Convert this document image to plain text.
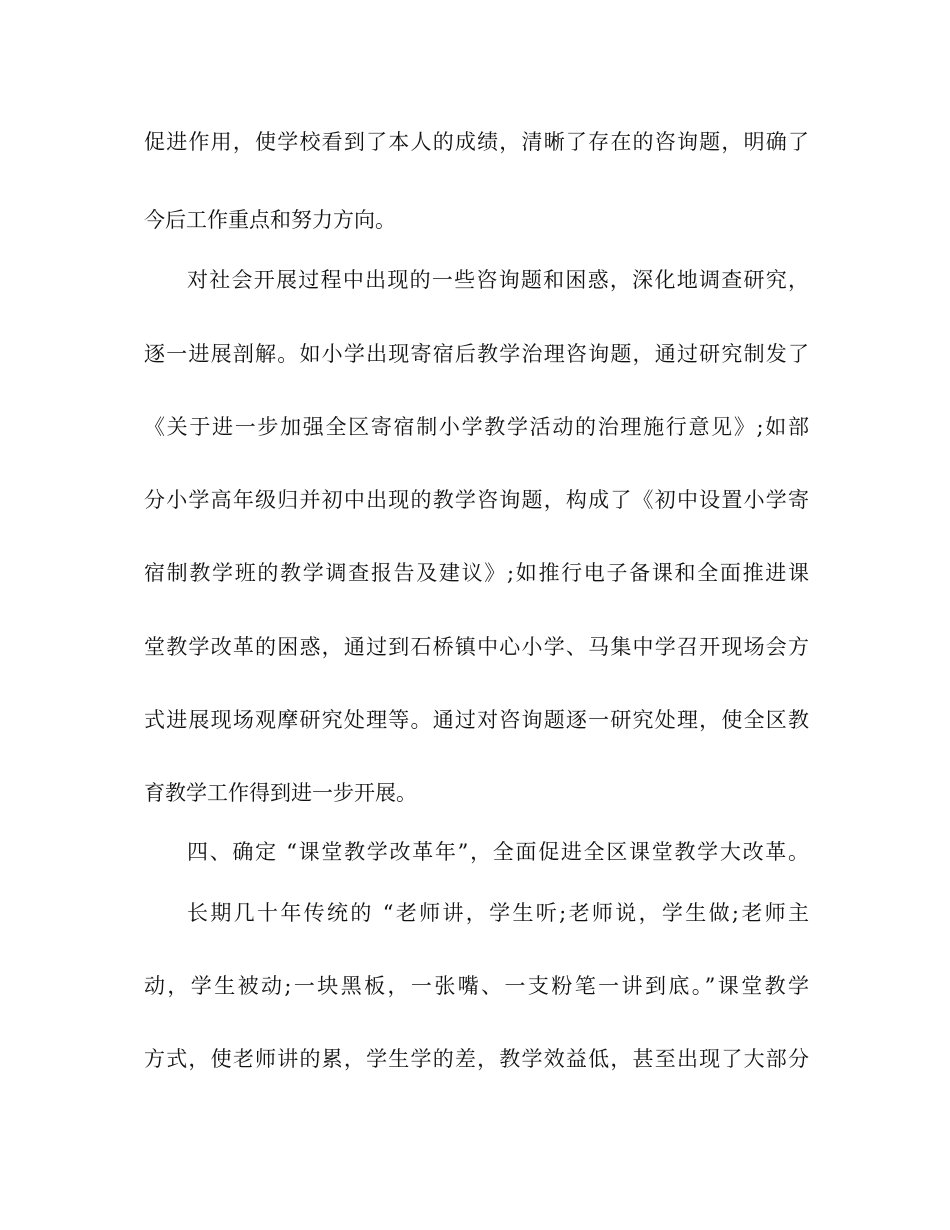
促进作用，使学校看到了本人的成绩，清晰了存在的咨询题，明确了
今后工作重点和努力方向。
对社会开展过程中出现的一些咨询题和困惑，深化地调查研究，
逐一进展剖解。如小学出现寄宿后教学治理咨询题，通过研究制发了
《关于进一步加强全区寄宿制小学教学活动的治理施行意见》;如部
分小学高年级归并初中出现的教学咨询题，构成了《初中设置小学寄
宿制教学班的教学调查报告及建议》;如推行电子备课和全面推进课
堂教学改革的困惑，通过到石桥镇中心小学、马集中学召开现场会方
式进展现场观摩研究处理等。通过对咨询题逐一研究处理，使全区教
育教学工作得到进一步开展。
四、确定 “课堂教学改革年”，全面促进全区课堂教学大改革。
长期几十年传统的 “老师讲，学生听;老师说，学生做;老师主
动，学生被动;一块黑板，一张嘴、一支粉笔一讲到底。”课堂教学
方式，使老师讲的累，学生学的差，教学效益低，甚至出现了大部分
